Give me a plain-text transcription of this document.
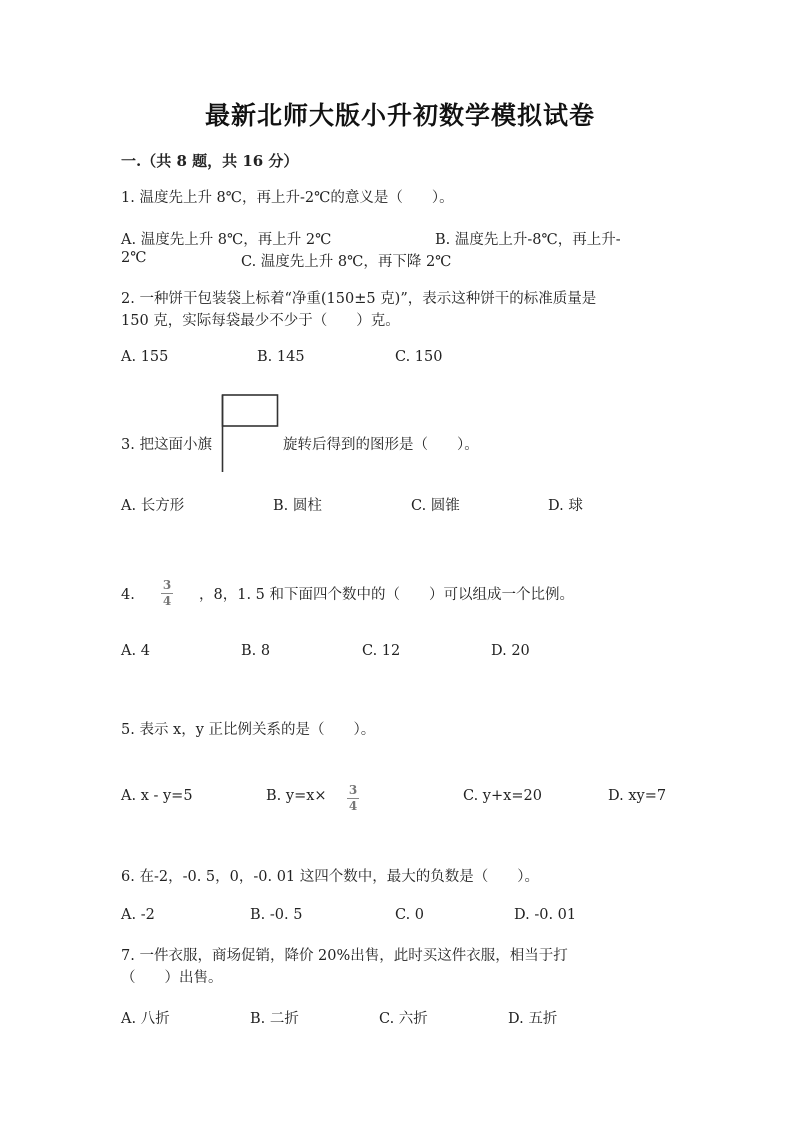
最新北师大版小升初数学模拟试卷
一.（共 8 题，共 16 分）
1. 温度先上升 8℃，再上升-2℃的意义是（　　）。
A. 温度先上升 8℃，再上升 2℃	B. 温度先上升-8℃，再上升-
2℃	C. 温度先上升 8℃，再下降 2℃
2. 一种饼干包装袋上标着“净重(150±5 克)”，表示这种饼干的标准质量是
150 克，实际每袋最少不少于（　　）克。
A. 155	B. 145	C. 150
3. 把这面小旗	旋转后得到的图形是（　　）。
A. 长方形	B. 圆柱	C. 圆锥	D. 球
4.
3
4 ，8，1. 5 和下面四个数中的（　　）可以组成一个比例。
A. 4	B. 8	C. 12	D. 20
5. 表示 x，y 正比例关系的是（　　）。
A. x - y=5	B. y=x× 3
4
C. y+x=20	D. xy=7
6. 在-2，-0. 5，0，-0. 01 这四个数中，最大的负数是（　　）。
A. -2	B. -0. 5	C. 0	D. -0. 01
7. 一件衣服，商场促销，降价 20%出售，此时买这件衣服，相当于打
（　　）出售。
A. 八折	B. 二折	C. 六折	D. 五折
